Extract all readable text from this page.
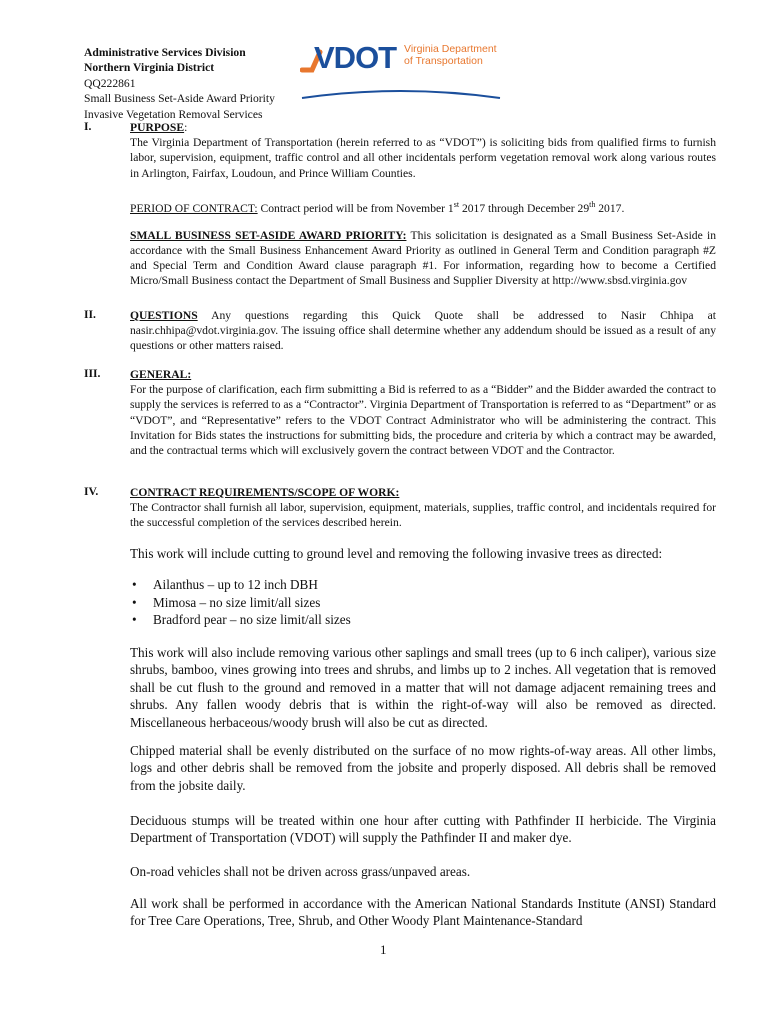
Administrative Services Division
Northern Virginia District
QQ222861
Small Business Set-Aside Award Priority
Invasive Vegetation Removal Services
VDOT Virginia Department
of Transportation
I.	PURPOSE:

The Virginia Department of Transportation (herein referred to as “VDOT”) is soliciting bids from qualified firms to furnish labor, supervision, equipment, traffic control and all other incidentals perform vegetation removal work along various routes in Arlington, Fairfax, Loudoun, and Prince William Counties.

PERIOD OF CONTRACT: Contract period will be from November 1st 2017 through December 29th 2017.

SMALL BUSINESS SET-ASIDE AWARD PRIORITY: This solicitation is designated as a Small Business Set-Aside in accordance with the Small Business Enhancement Award Priority as outlined in General Term and Condition paragraph #Z and Special Term and Condition Award clause paragraph #1. For information, regarding how to become a Certified Micro/Small Business contact the Department of Small Business and Supplier Diversity at http://www.sbsd.virginia.gov

II.	QUESTIONS Any questions regarding this Quick Quote shall be addressed to Nasir Chhipa at nasir.chhipa@vdot.virginia.gov. The issuing office shall determine whether any addendum should be issued as a result of any questions or other matters raised.

III.	GENERAL:

For the purpose of clarification, each firm submitting a Bid is referred to as a “Bidder” and the Bidder awarded the contract to supply the services is referred to as a “Contractor”. Virginia Department of Transportation is referred to as “Department” or as “VDOT”, and “Representative” refers to the VDOT Contract Administrator who will be administering the contract. This Invitation for Bids states the instructions for submitting bids, the procedure and criteria by which a contract may be awarded, and the contractual terms which will exclusively govern the contract between VDOT and the Contractor.

IV.	CONTRACT REQUIREMENTS/SCOPE OF WORK:

The Contractor shall furnish all labor, supervision, equipment, materials, supplies, traffic control, and incidentals required for the successful completion of the services described herein.

This work will include cutting to ground level and removing the following invasive trees as directed:
• Ailanthus – up to 12 inch DBH
• Mimosa – no size limit/all sizes
• Bradford pear – no size limit/all sizes
This work will also include removing various other saplings and small trees (up to 6 inch caliper), various size shrubs, bamboo, vines growing into trees and shrubs, and limbs up to 2 inches. All vegetation that is removed shall be cut flush to the ground and removed in a matter that will not damage adjacent remaining trees and shrubs. Any fallen woody debris that is within the right-of-way will also be removed as directed. Miscellaneous herbaceous/woody brush will also be cut as directed.
Chipped material shall be evenly distributed on the surface of no mow rights-of-way areas. All other limbs, logs and other debris shall be removed from the jobsite and properly disposed. All debris shall be removed from the jobsite daily.
Deciduous stumps will be treated within one hour after cutting with Pathfinder II herbicide. The Virginia Department of Transportation (VDOT) will supply the Pathfinder II and maker dye.
On-road vehicles shall not be driven across grass/unpaved areas.
All work shall be performed in accordance with the American National Standards Institute (ANSI) Standard for Tree Care Operations, Tree, Shrub, and Other Woody Plant Maintenance-Standard
1
